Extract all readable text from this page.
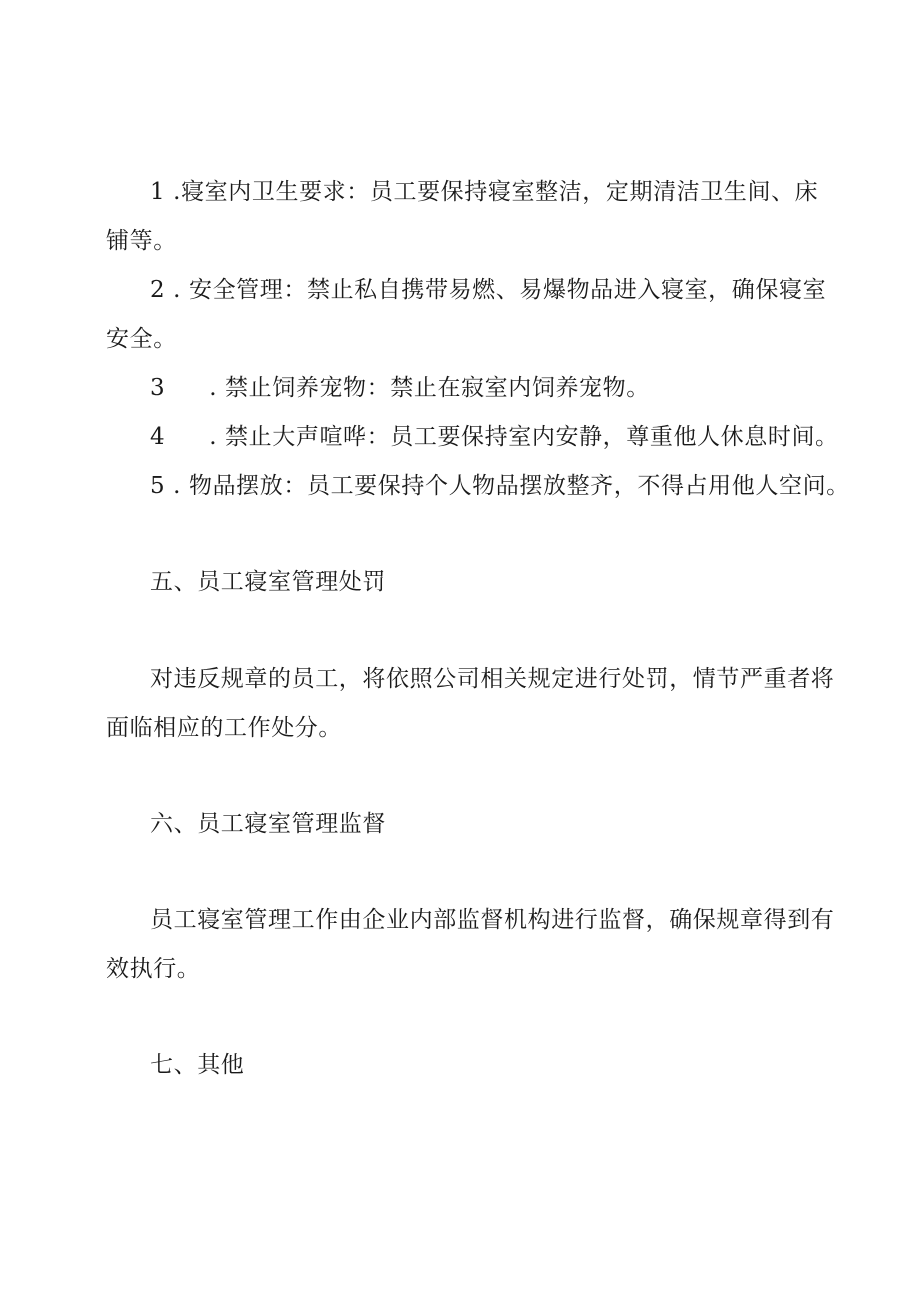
1 .寝室内卫生要求：员工要保持寝室整洁，定期清洁卫生间、床
铺等。
2 . 安全管理：禁止私自携带易燃、易爆物品进入寝室，确保寝室
安全。
3 . 禁止饲养宠物：禁止在寂室内饲养宠物。
4 . 禁止大声喧哗：员工要保持室内安静，尊重他人休息时间。
5 . 物品摆放：员工要保持个人物品摆放整齐，不得占用他人空问。
五、员工寝室管理处罚
对违反规章的员工，将依照公司相关规定进行处罚，情节严重者将
面临相应的工作处分。
六、员工寝室管理监督
员工寝室管理工作由企业内部监督机构进行监督，确保规章得到有
效执行。
七、其他
